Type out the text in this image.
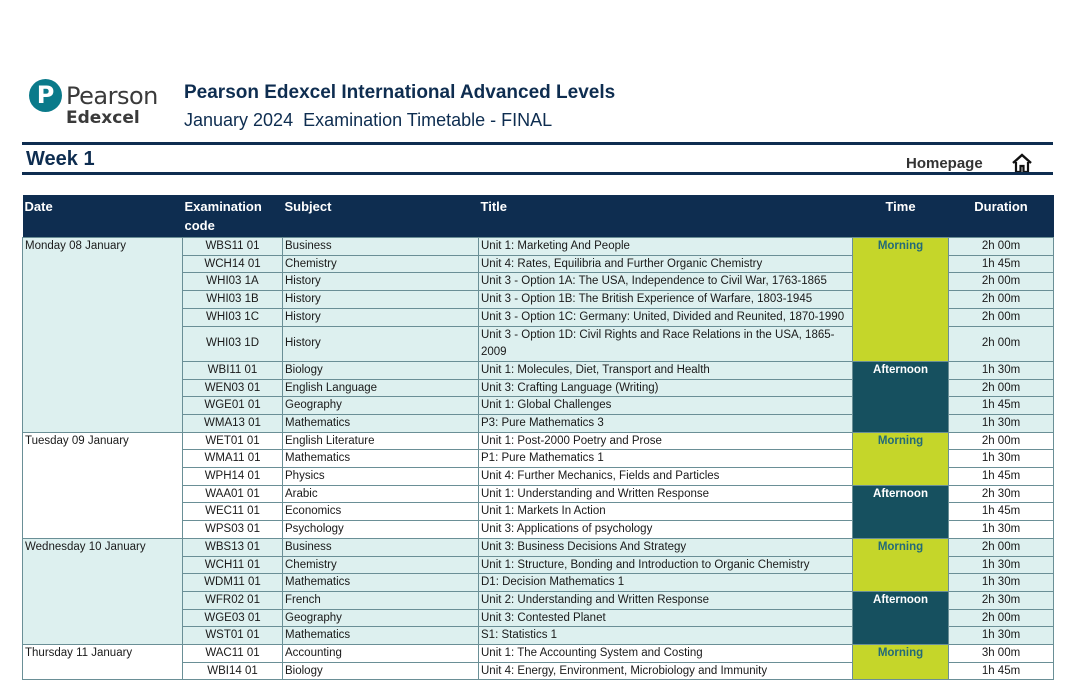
P Pearson
Edexcel
Pearson Edexcel International Advanced Levels
January 2024  Examination Timetable - FINAL
Week 1	Homepage
Date	Examination code	Subject	Title	Time	Duration
Monday 08 January	WBS11 01	Business	Unit 1: Marketing And People	Morning	2h 00m
	WCH14 01	Chemistry	Unit 4: Rates, Equilibria and Further Organic Chemistry		1h 45m
	WHI03 1A	History	Unit 3 - Option 1A: The USA, Independence to Civil War, 1763-1865		2h 00m
	WHI03 1B	History	Unit 3 - Option 1B: The British Experience of Warfare, 1803-1945		2h 00m
	WHI03 1C	History	Unit 3 - Option 1C: Germany: United, Divided and Reunited, 1870-1990		2h 00m
	WHI03 1D	History	Unit 3 - Option 1D: Civil Rights and Race Relations in the USA, 1865-2009		2h 00m
	WBI11 01	Biology	Unit 1: Molecules, Diet, Transport and Health	Afternoon	1h 30m
	WEN03 01	English Language	Unit 3: Crafting Language (Writing)		2h 00m
	WGE01 01	Geography	Unit 1: Global Challenges		1h 45m
	WMA13 01	Mathematics	P3: Pure Mathematics 3		1h 30m
Tuesday 09 January	WET01 01	English Literature	Unit 1: Post-2000 Poetry and Prose	Morning	2h 00m
	WMA11 01	Mathematics	P1: Pure Mathematics 1		1h 30m
	WPH14 01	Physics	Unit 4: Further Mechanics, Fields and Particles		1h 45m
	WAA01 01	Arabic	Unit 1: Understanding and Written Response	Afternoon	2h 30m
	WEC11 01	Economics	Unit 1: Markets In Action		1h 45m
	WPS03 01	Psychology	Unit 3: Applications of psychology		1h 30m
Wednesday 10 January	WBS13 01	Business	Unit 3: Business Decisions And Strategy	Morning	2h 00m
	WCH11 01	Chemistry	Unit 1: Structure, Bonding and Introduction to Organic Chemistry		1h 30m
	WDM11 01	Mathematics	D1: Decision Mathematics 1		1h 30m
	WFR02 01	French	Unit 2: Understanding and Written Response	Afternoon	2h 30m
	WGE03 01	Geography	Unit 3: Contested Planet		2h 00m
	WST01 01	Mathematics	S1: Statistics 1		1h 30m
Thursday 11 January	WAC11 01	Accounting	Unit 1: The Accounting System and Costing	Morning	3h 00m
	WBI14 01	Biology	Unit 4: Energy, Environment, Microbiology and Immunity		1h 45m
